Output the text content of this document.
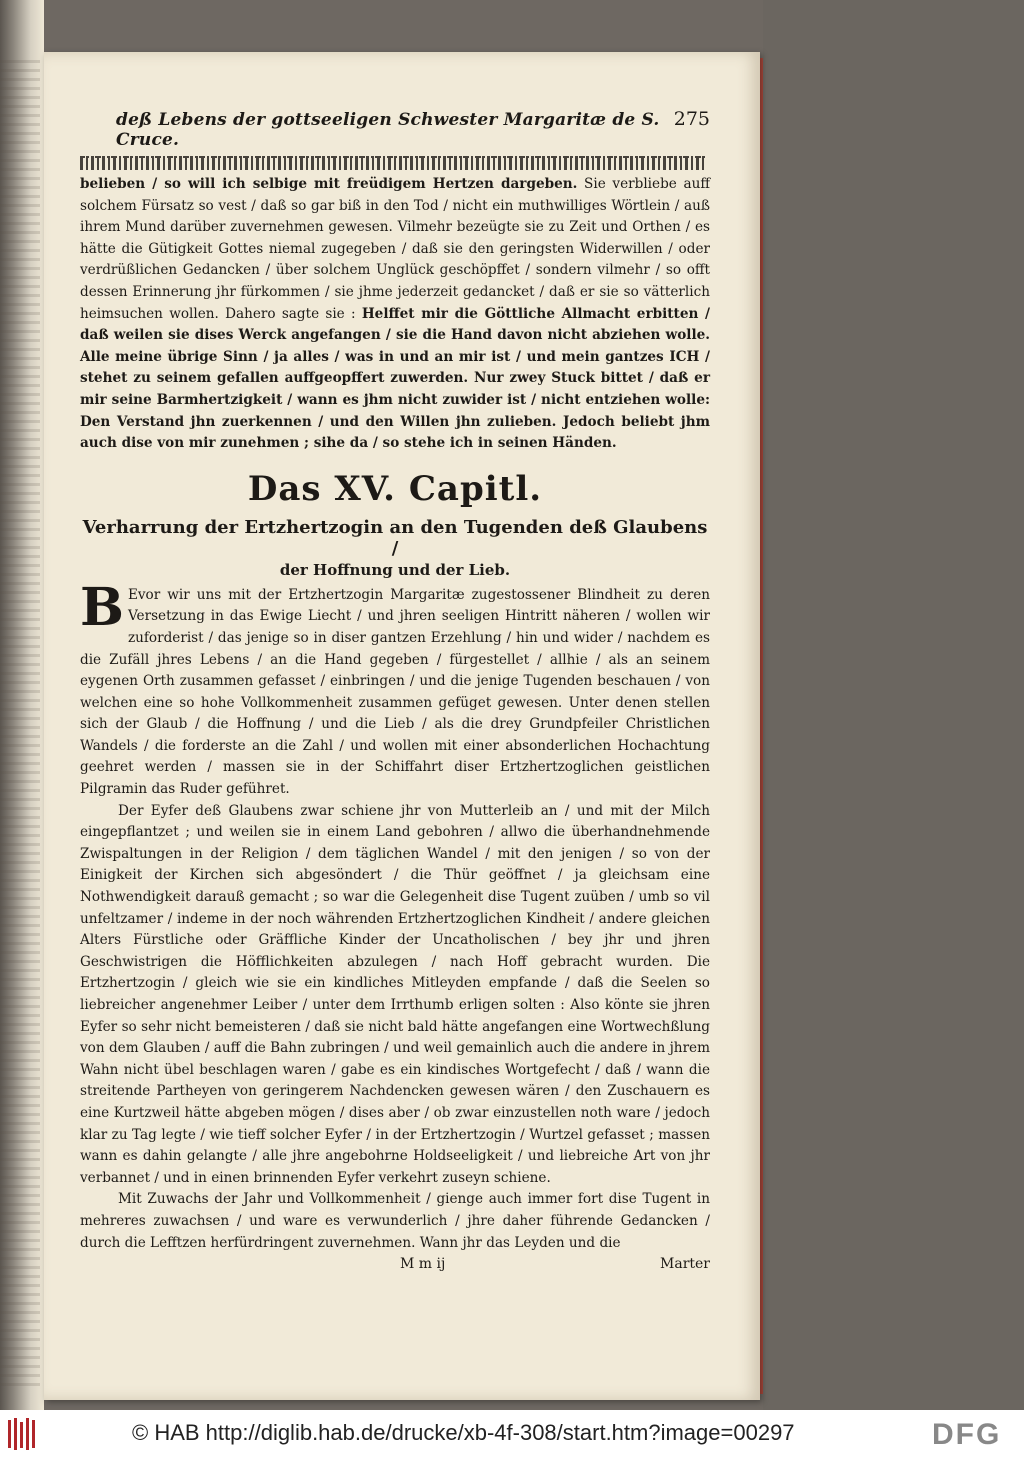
deß Lebens der gottseeligen Schwester Margaritæ de S. Cruce.
275

belieben / so will ich selbige mit freüdigem Hertzen dargeben. Sie verbliebe auff solchem Fürsatz so vest / daß so gar biß in den Tod / nicht ein muthwilliges Wörtlein / auß ihrem Mund darüber zuvernehmen gewesen. Vilmehr bezeügte sie zu Zeit und Orthen / es hätte die Gütigkeit Gottes niemal zugegeben / daß sie den geringsten Widerwillen / oder verdrüßlichen Gedancken / über solchem Unglück geschöpffet / sondern vilmehr / so offt dessen Erinnerung jhr fürkommen / sie jhme jederzeit gedancket / daß er sie so vätterlich heimsuchen wollen. Dahero sagte sie : Helffet mir die Göttliche Allmacht erbitten / daß weilen sie dises Werck angefangen / sie die Hand davon nicht abziehen wolle. Alle meine übrige Sinn / ja alles / was in und an mir ist / und mein gantzes ICH / stehet zu seinem gefallen auffgeopffert zuwerden. Nur zwey Stuck bittet / daß er mir seine Barmhertzigkeit / wann es jhm nicht zuwider ist / nicht entziehen wolle: Den Verstand jhn zuerkennen / und den Willen jhn zulieben. Jedoch beliebt jhm auch dise von mir zunehmen ; sihe da / so stehe ich in seinen Händen.

Das XV. Capitl.
Verharrung der Ertzhertzogin an den Tugenden deß Glaubens /
der Hoffnung und der Lieb.

B Evor wir uns mit der Ertzhertzogin Margaritæ zugestossener Blindheit zu deren Versetzung in das Ewige Liecht / und jhren seeligen Hintritt näheren / wollen wir zuforderist / das jenige so in diser gantzen Erzehlung / hin und wider / nachdem es die Zufäll jhres Lebens / an die Hand gegeben / fürgestellet / allhie / als an seinem eygenen Orth zusammen gefasset / einbringen / und die jenige Tugenden beschauen / von welchen eine so hohe Vollkommenheit zusammen gefüget gewesen. Unter denen stellen sich der Glaub / die Hoffnung / und die Lieb / als die drey Grundpfeiler Christlichen Wandels / die forderste an die Zahl / und wollen mit einer absonderlichen Hochachtung geehret werden / massen sie in der Schiffahrt diser Ertzhertzoglichen geistlichen Pilgramin das Ruder geführet.

Der Eyfer deß Glaubens zwar schiene jhr von Mutterleib an / und mit der Milch eingepflantzet ; und weilen sie in einem Land gebohren / allwo die überhandnehmende Zwispaltungen in der Religion / dem täglichen Wandel / mit den jenigen / so von der Einigkeit der Kirchen sich abgesöndert / die Thür geöffnet / ja gleichsam eine Nothwendigkeit darauß gemacht ; so war die Gelegenheit dise Tugent zuüben / umb so vil unfeltzamer / indeme in der noch währenden Ertzhertzoglichen Kindheit / andere gleichen Alters Fürstliche oder Gräffliche Kinder der Uncatholischen / bey jhr und jhren Geschwistrigen die Höfflichkeiten abzulegen / nach Hoff gebracht wurden. Die Ertzhertzogin / gleich wie sie ein kindliches Mitleyden empfande / daß die Seelen so liebreicher angenehmer Leiber / unter dem Irrthumb erligen solten : Also könte sie jhren Eyfer so sehr nicht bemeisteren / daß sie nicht bald hätte angefangen eine Wortwechßlung von dem Glauben / auff die Bahn zubringen / und weil gemainlich auch die andere in jhrem Wahn nicht übel beschlagen waren / gabe es ein kindisches Wortgefecht / daß / wann die streitende Partheyen von geringerem Nachdencken gewesen wären / den Zuschauern es eine Kurtzweil hätte abgeben mögen / dises aber / ob zwar einzustellen noth ware / jedoch klar zu Tag legte / wie tieff solcher Eyfer / in der Ertzhertzogin / Wurtzel gefasset ; massen wann es dahin gelangte / alle jhre angebohrne Holdseeligkeit / und liebreiche Art von jhr verbannet / und in einen brinnenden Eyfer verkehrt zuseyn schiene.

Mit Zuwachs der Jahr und Vollkommenheit / gienge auch immer fort dise Tugent in mehreres zuwachsen / und ware es verwunderlich / jhre daher führende Gedancken / durch die Lefftzen herfürdringent zuvernehmen. Wann jhr das Leyden und die

M m ij	Marter
© HAB http://diglib.hab.de/drucke/xb-4f-308/start.htm?image=00297	DFG
